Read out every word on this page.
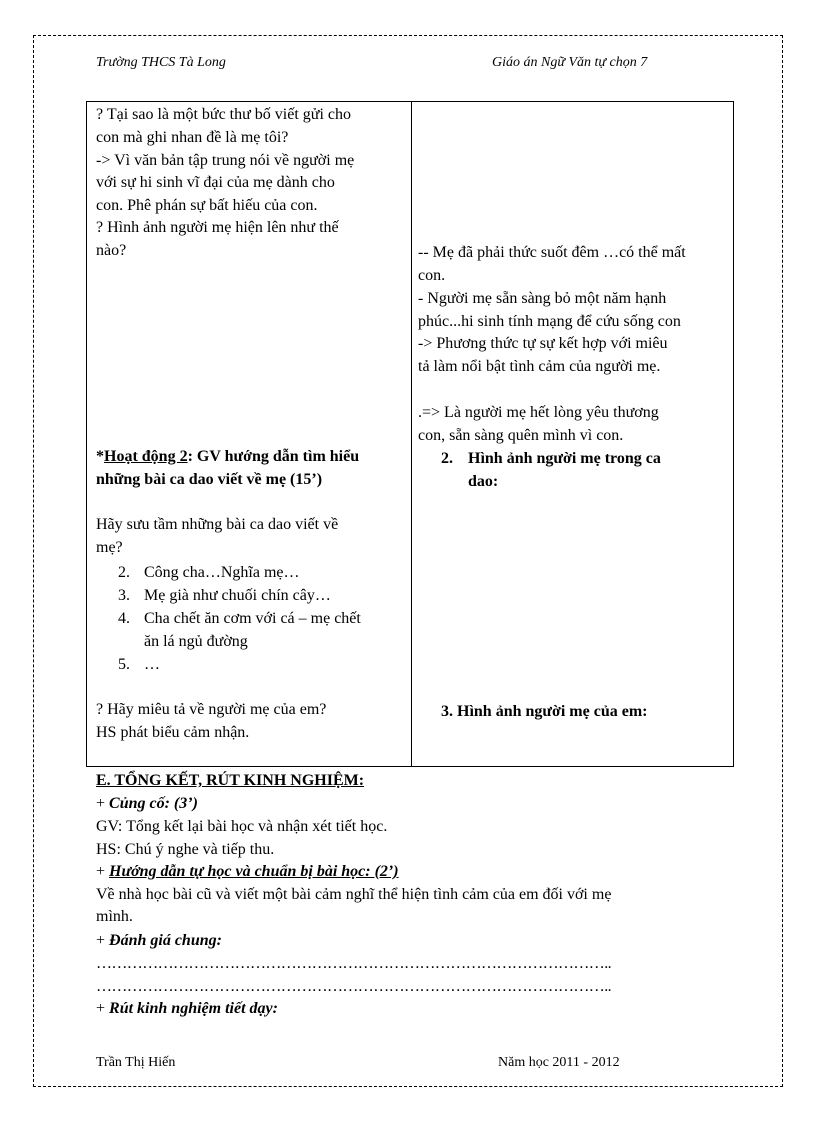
Trường THCS Tà Long	Giáo án Ngữ Văn tự chọn 7

? Tại sao là một bức thư bố viết gửi cho

con mà ghi nhan đề là mẹ tôi?

-> Vì văn bản tập trung nói về người mẹ

với sự hi sinh vĩ đại của mẹ dành cho

con. Phê phán sự bất hiếu của con.

? Hình ảnh người mẹ hiện lên như thế

nào?

*Hoạt động 2: GV hướng dẫn tìm hiểu

những bài ca dao viết về mẹ (15’)

Hãy sưu tầm những bài ca dao viết về

mẹ?

2. Công cha…Nghĩa mẹ…

3. Mẹ già như chuối chín cây…

4. Cha chết ăn cơm với cá – mẹ chết

ăn lá ngủ đường

5. …

? Hãy miêu tả về người mẹ của em?

HS phát biểu cảm nhận.

-- Mẹ đã phải thức suốt đêm …có thể mất

con.

- Người mẹ sẵn sàng bỏ một năm hạnh

phúc...hi sinh tính mạng để cứu sống con

-> Phương thức tự sự kết hợp với miêu

tả làm nổi bật tình cảm của người mẹ.

.=> Là người mẹ hết lòng yêu thương

con, sẵn sàng quên mình vì con.

2. Hình ảnh người mẹ trong ca

dao:

3. Hình ảnh người mẹ của em:

E. TỔNG KẾT, RÚT KINH NGHIỆM:

+ Củng cố: (3’)

GV: Tổng kết lại bài học và nhận xét tiết học.

HS: Chú ý nghe và tiếp thu.

+ Hướng dẫn tự học và chuẩn bị bài học: (2’)

Về nhà học bài cũ và viết một bài cảm nghĩ thể hiện tình cảm của em đối với mẹ

mình.

+ Đánh giá chung:

………………………………………………………………………………………..

………………………………………………………………………………………..

+ Rút kinh nghiệm tiết dạy:

Trần Thị Hiến	Năm học 2011 - 2012
